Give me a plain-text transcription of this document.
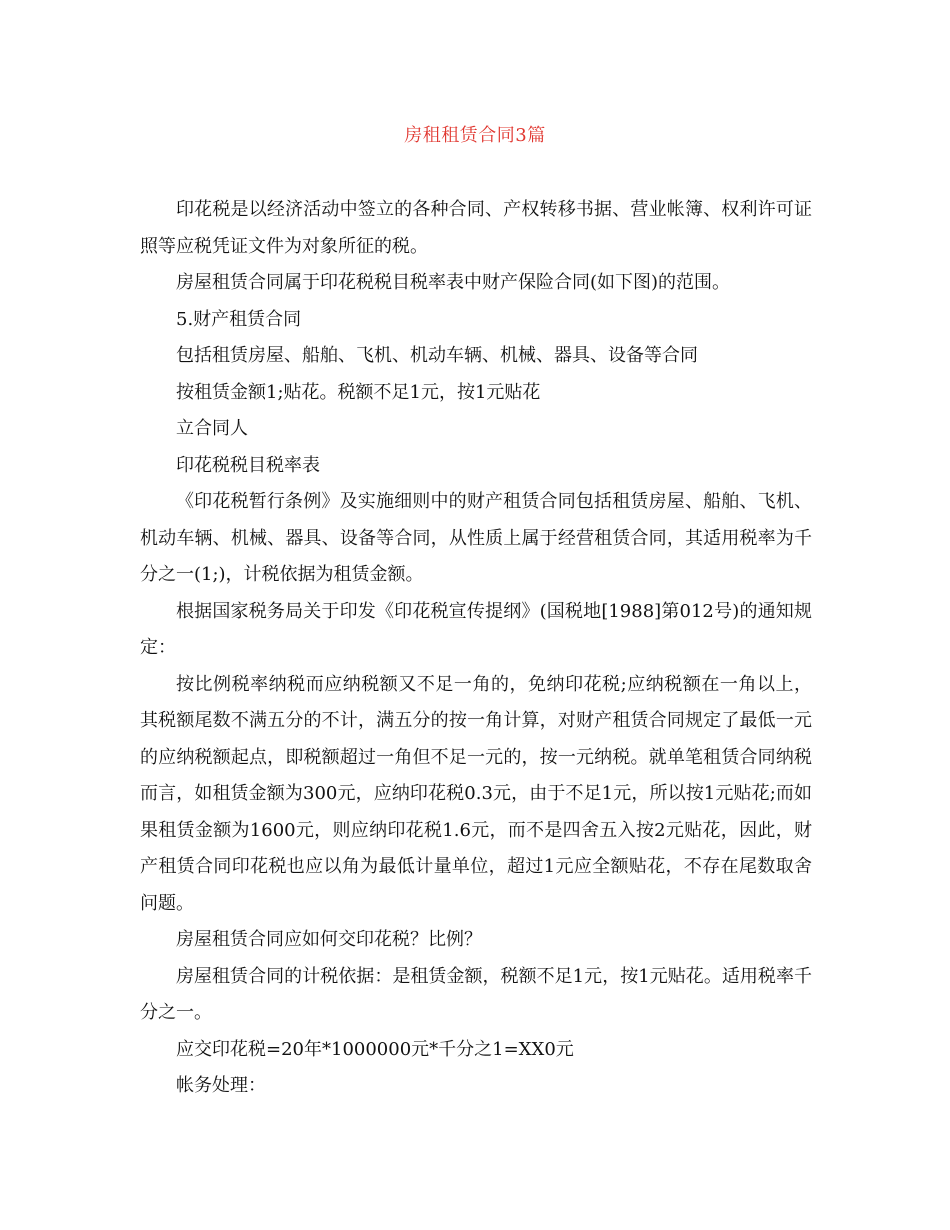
房租租赁合同3篇

印花税是以经济活动中签立的各种合同、产权转移书据、营业帐簿、权利许可证照等应税凭证文件为对象所征的税。

房屋租赁合同属于印花税税目税率表中财产保险合同(如下图)的范围。

5.财产租赁合同

包括租赁房屋、船舶、飞机、机动车辆、机械、器具、设备等合同

按租赁金额1;贴花。税额不足1元，按1元贴花

立合同人

印花税税目税率表

《印花税暂行条例》及实施细则中的财产租赁合同包括租赁房屋、船舶、飞机、机动车辆、机械、器具、设备等合同，从性质上属于经营租赁合同，其适用税率为千分之一(1;)，计税依据为租赁金额。

根据国家税务局关于印发《印花税宣传提纲》(国税地[1988]第012号)的通知规定：

按比例税率纳税而应纳税额又不足一角的，免纳印花税;应纳税额在一角以上，其税额尾数不满五分的不计，满五分的按一角计算，对财产租赁合同规定了最低一元的应纳税额起点，即税额超过一角但不足一元的，按一元纳税。就单笔租赁合同纳税而言，如租赁金额为300元，应纳印花税0.3元，由于不足1元，所以按1元贴花;而如果租赁金额为1600元，则应纳印花税1.6元，而不是四舍五入按2元贴花，因此，财产租赁合同印花税也应以角为最低计量单位，超过1元应全额贴花，不存在尾数取舍问题。

房屋租赁合同应如何交印花税？比例？

房屋租赁合同的计税依据：是租赁金额，税额不足1元，按1元贴花。适用税率千分之一。

应交印花税=20年*1000000元*千分之1=XX0元

帐务处理：
